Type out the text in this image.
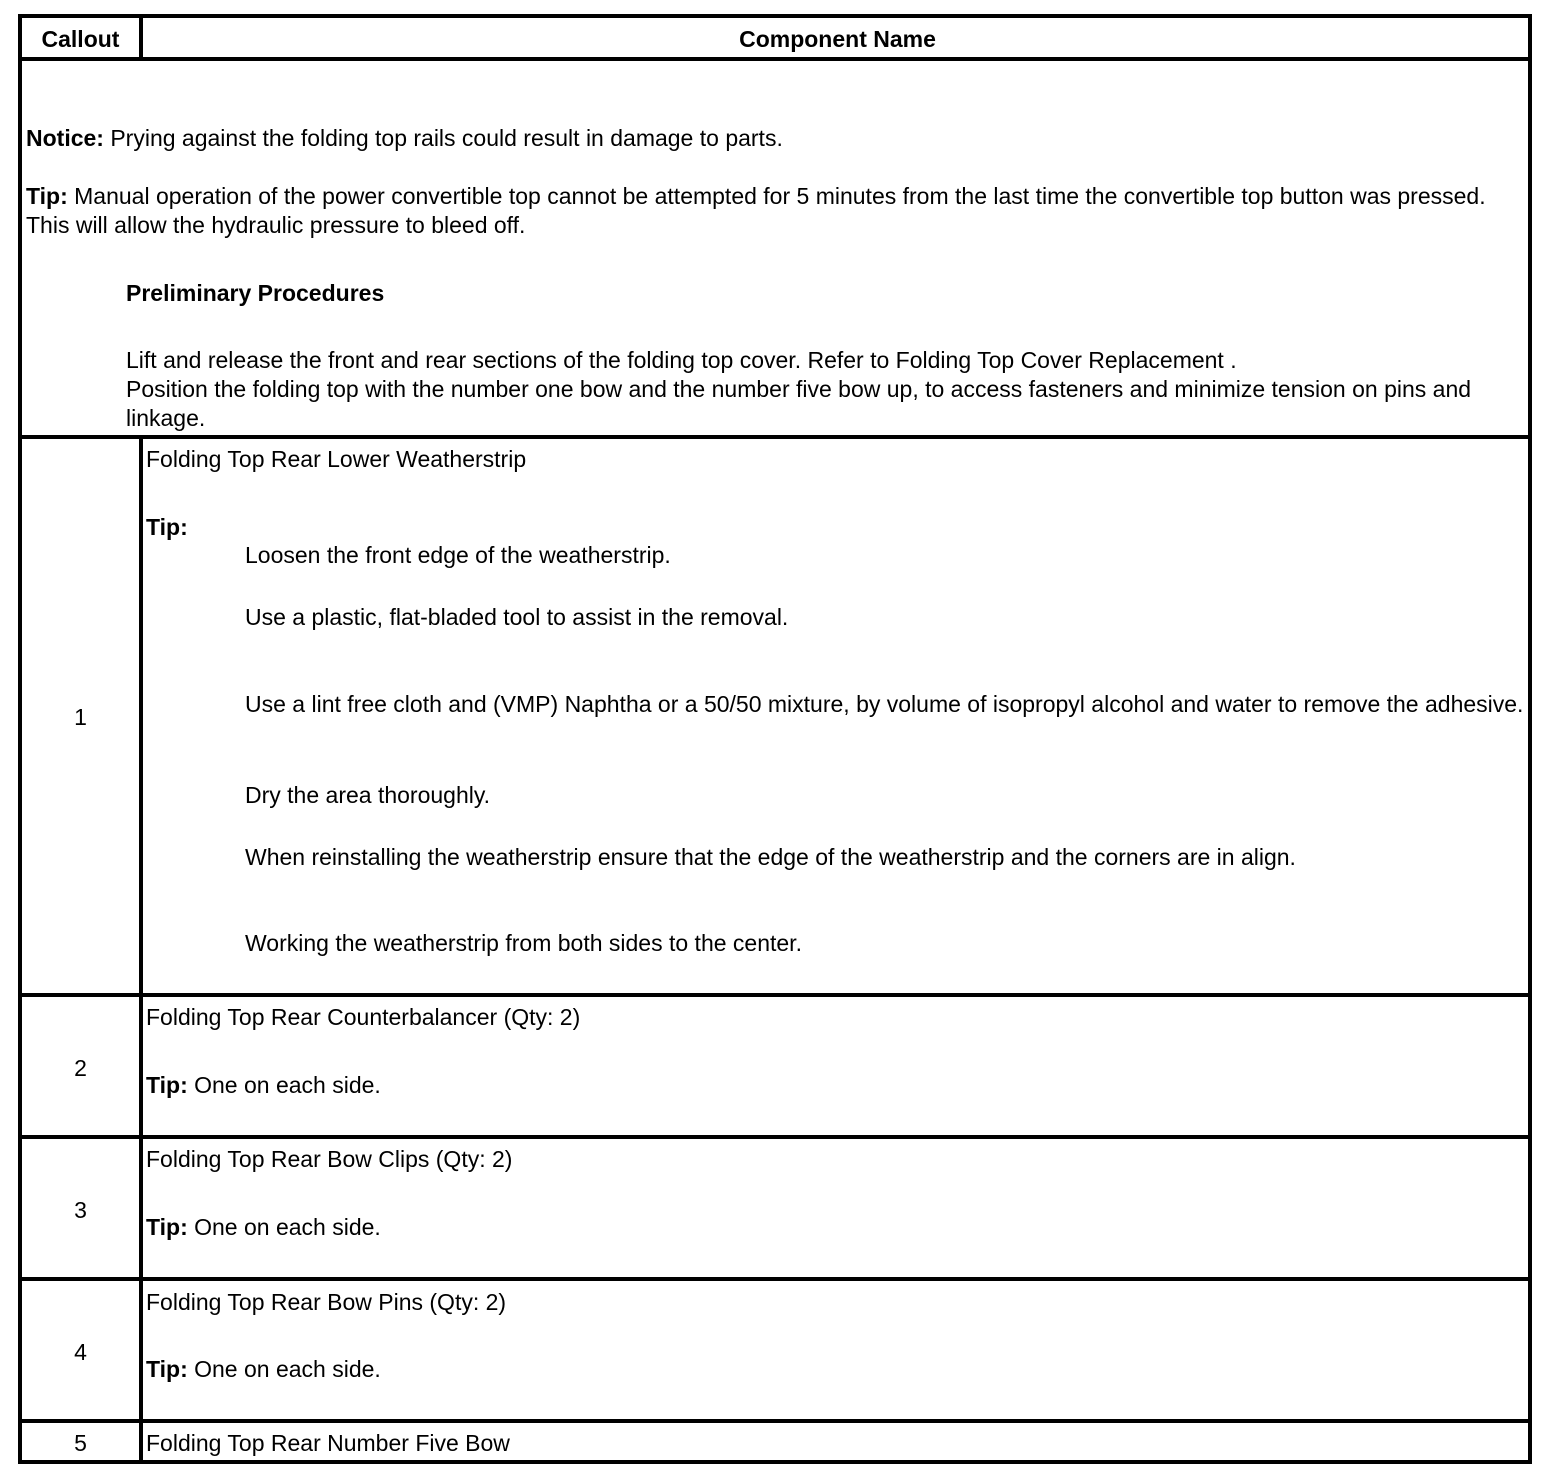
Callout	Component Name
Notice: Prying against the folding top rails could result in damage to parts.
Tip: Manual operation of the power convertible top cannot be attempted for 5 minutes from the last time the convertible top button was pressed. This will allow the hydraulic pressure to bleed off.
Preliminary Procedures
Lift and release the front and rear sections of the folding top cover. Refer to Folding Top Cover Replacement .
Position the folding top with the number one bow and the number five bow up, to access fasteners and minimize tension on pins and linkage.
1
Folding Top Rear Lower Weatherstrip
Tip:
Loosen the front edge of the weatherstrip.
Use a plastic, flat-bladed tool to assist in the removal.
Use a lint free cloth and (VMP) Naphtha or a 50/50 mixture, by volume of isopropyl alcohol and water to remove the adhesive.
Dry the area thoroughly.
When reinstalling the weatherstrip ensure that the edge of the weatherstrip and the corners are in align.
Working the weatherstrip from both sides to the center.
2
Folding Top Rear Counterbalancer (Qty: 2)
Tip: One on each side.
3
Folding Top Rear Bow Clips (Qty: 2)
Tip: One on each side.
4
Folding Top Rear Bow Pins (Qty: 2)
Tip: One on each side.
5	Folding Top Rear Number Five Bow
